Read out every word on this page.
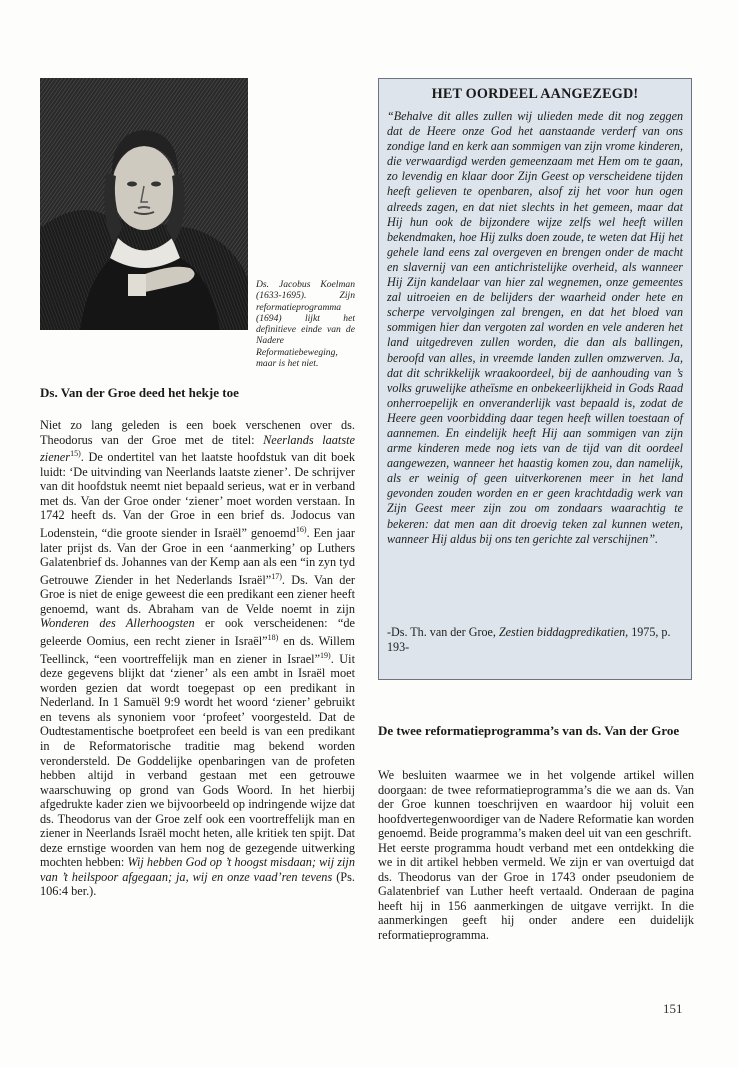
Ds. Jacobus Koelman (1633-1695). Zijn reformatieprogramma (1694) lijkt het definitieve einde van de Nadere Reformatiebeweging, maar is het niet.
Ds. Van der Groe deed het hekje toe

Niet zo lang geleden is een boek verschenen over ds. Theodorus van der Groe met de titel: Neerlands laatste ziener$^{15)}$. De ondertitel van het laatste hoofdstuk van dit boek luidt: ‘De uitvinding van Neerlands laatste ziener’. De schrijver van dit hoofdstuk neemt niet bepaald serieus, wat er in verband met ds. Van der Groe onder ‘ziener’ moet worden verstaan. In 1742 heeft ds. Van der Groe in een brief ds. Jodocus van Lodenstein, “die groote siender in Israël” genoemd$^{16)}$. Een jaar later prijst ds. Van der Groe in een ‘aanmerking’ op Luthers Galatenbrief ds. Johannes van der Kemp aan als een “in zyn tyd Getrouwe Ziender in het Nederlands Israël”$^{17)}$. Ds. Van der Groe is niet de enige geweest die een predikant een ziener heeft genoemd, want ds. Abraham van de Velde noemt in zijn Wonderen des Allerhoogsten er ook verscheidenen: “de geleerde Oomius, een recht ziener in Israël”$^{18)}$ en ds. Willem Teellinck, “een voortreffelijk man en ziener in Israel”$^{19)}$. Uit deze gegevens blijkt dat ‘ziener’ als een ambt in Israël moet worden gezien dat wordt toegepast op een predikant in Nederland. In 1 Samuël 9:9 wordt het woord ‘ziener’ gebruikt en tevens als synoniem voor ‘profeet’ voorgesteld. Dat de Oudtestamentische boetprofeet een beeld is van een predikant in de Reformatorische traditie mag bekend worden verondersteld. De Goddelijke openbaringen van de profeten hebben altijd in verband gestaan met een getrouwe waarschuwing op grond van Gods Woord. In het hierbij afgedrukte kader zien we bijvoorbeeld op indringende wijze dat ds. Theodorus van der Groe zelf ook een voortreffelijk man en ziener in Neerlands Israël mocht heten, alle kritiek ten spijt. Dat deze ernstige woorden van hem nog de gezegende uitwerking mochten hebben: Wij hebben God op ’t hoogst misdaan; wij zijn van ’t heilspoor afgegaan; ja, wij en onze vaad’ren tevens (Ps. 106:4 ber.).

HET OORDEEL AANGEZEGD!
“Behalve dit alles zullen wij ulieden mede dit nog zeggen dat de Heere onze God het aanstaande verderf van ons zondige land en kerk aan sommigen van zijn vrome kinderen, die verwaardigd werden gemeenzaam met Hem om te gaan, zo levendig en klaar door Zijn Geest op verscheidene tijden heeft gelieven te openbaren, alsof zij het voor hun ogen alreeds zagen, en dat niet slechts in het gemeen, maar dat Hij hun ook de bijzondere wijze zelfs wel heeft willen bekendmaken, hoe Hij zulks doen zoude, te weten dat Hij het gehele land eens zal overgeven en brengen onder de macht en slavernij van een antichristelijke overheid, als wanneer Hij Zijn kandelaar van hier zal wegnemen, onze gemeentes zal uitroeien en de belijders der waarheid onder hete en scherpe vervolgingen zal brengen, en dat het bloed van sommigen hier dan vergoten zal worden en vele anderen het land uitgedreven zullen worden, die dan als ballingen, beroofd van alles, in vreemde landen zullen omzwerven. Ja, dat dit schrikkelijk wraakoordeel, bij de aanhouding van ’s volks gruwelijke atheïsme en onbekeerlijkheid in Gods Raad onherroepelijk en onveranderlijk vast bepaald is, zodat de Heere geen voorbidding daar tegen heeft willen toestaan of aannemen. En eindelijk heeft Hij aan sommigen van zijn arme kinderen mede nog iets van de tijd van dit oordeel aangewezen, wanneer het haastig komen zou, dan namelijk, als er weinig of geen uitverkorenen meer in het land gevonden zouden worden en er geen krachtdadig werk van Zijn Geest meer zijn zou om zondaars waarachtig te bekeren: dat men aan dit droevig teken zal kunnen weten, wanneer Hij aldus bij ons ten gerichte zal verschijnen”.
-Ds. Th. van der Groe, Zestien biddagpredikatien, 1975, p. 193-
De twee reformatieprogramma’s van ds. Van der Groe

We besluiten waarmee we in het volgende artikel willen doorgaan: de twee reformatieprogramma’s die we aan ds. Van der Groe kunnen toeschrijven en waardoor hij voluit een hoofdvertegenwoordiger van de Nadere Reformatie kan worden genoemd. Beide programma’s maken deel uit van een geschrift.

Het eerste programma houdt verband met een ontdekking die we in dit artikel hebben vermeld. We zijn er van overtuigd dat ds. Theodorus van der Groe in 1743 onder pseudoniem de Galatenbrief van Luther heeft vertaald. Onderaan de pagina heeft hij in 156 aanmerkingen de uitgave verrijkt. In die aanmerkingen geeft hij onder andere een duidelijk reformatieprogramma.

151
